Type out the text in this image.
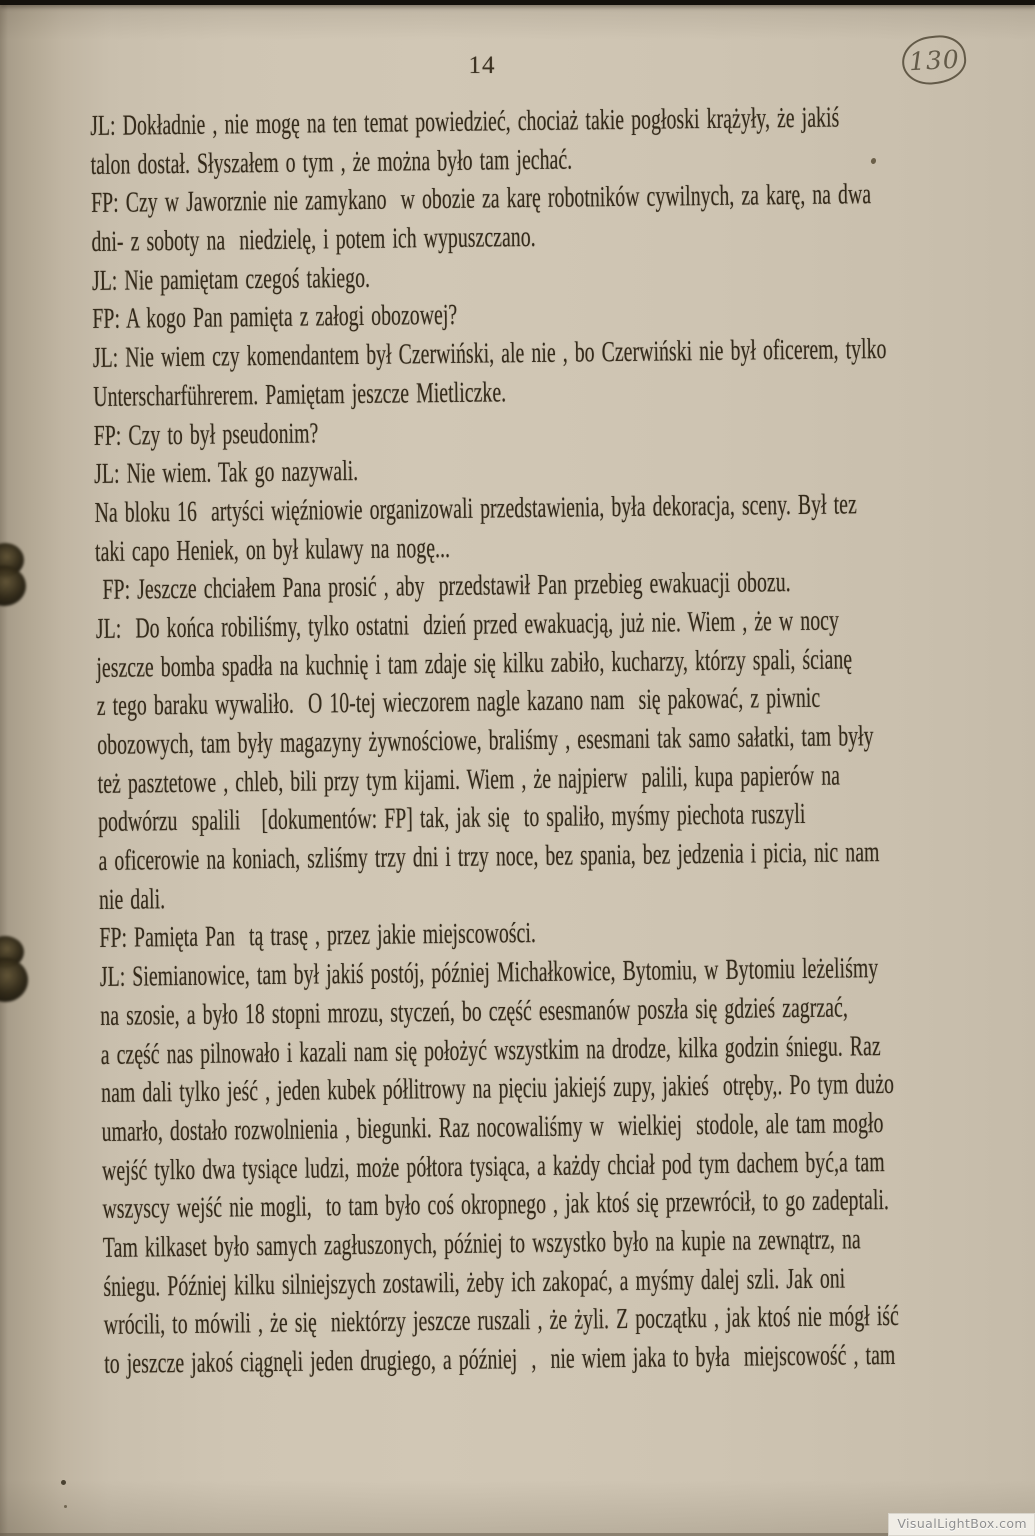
14	130
JL: Dokładnie , nie mogę na ten temat powiedzieć, chociaż takie pogłoski krążyły, że jakiś
talon dostał. Słyszałem o tym , że można było tam jechać.
FP: Czy w Jaworznie nie zamykano  w obozie za karę robotników cywilnych, za karę, na dwa
dni- z soboty na  niedzielę, i potem ich wypuszczano.
JL: Nie pamiętam czegoś takiego.
FP: A kogo Pan pamięta z załogi obozowej?
JL: Nie wiem czy komendantem był Czerwiński, ale nie , bo Czerwiński nie był oficerem, tylko
Unterscharführerem. Pamiętam jeszcze Mietliczke.
FP: Czy to był pseudonim?
JL: Nie wiem. Tak go nazywali.
Na bloku 16  artyści więźniowie organizowali przedstawienia, była dekoracja, sceny. Był tez
taki capo Heniek, on był kulawy na nogę...
FP: Jeszcze chciałem Pana prosić , aby  przedstawił Pan przebieg ewakuacji obozu.
JL:  Do końca robiliśmy, tylko ostatni  dzień przed ewakuacją, już nie. Wiem , że w nocy
jeszcze bomba spadła na kuchnię i tam zdaje się kilku zabiło, kucharzy, którzy spali, ścianę
z tego baraku wywaliło.  O 10-tej wieczorem nagle kazano nam  się pakować, z piwnic
obozowych, tam były magazyny żywnościowe, braliśmy , esesmani tak samo sałatki, tam były
też pasztetowe , chleb, bili przy tym kijami. Wiem , że najpierw  palili, kupa papierów na
podwórzu  spalili   [dokumentów: FP] tak, jak się  to spaliło, myśmy piechota ruszyli
a oficerowie na koniach, szliśmy trzy dni i trzy noce, bez spania, bez jedzenia i picia, nic nam
nie dali.
FP: Pamięta Pan  tą trasę , przez jakie miejscowości.
JL: Siemianowice, tam był jakiś postój, później Michałkowice, Bytomiu, w Bytomiu leżeliśmy
na szosie, a było 18 stopni mrozu, styczeń, bo część esesmanów poszła się gdzieś zagrzać,
a część nas pilnowało i kazali nam się położyć wszystkim na drodze, kilka godzin śniegu. Raz
nam dali tylko jeść , jeden kubek półlitrowy na pięciu jakiejś zupy, jakieś  otręby,. Po tym dużo
umarło, dostało rozwolnienia , biegunki. Raz nocowaliśmy w  wielkiej  stodole, ale tam mogło
wejść tylko dwa tysiące ludzi, może półtora tysiąca, a każdy chciał pod tym dachem być,a tam
wszyscy wejść nie mogli,  to tam było coś okropnego , jak ktoś się przewrócił, to go zadeptali.
Tam kilkaset było samych zagłuszonych, później to wszystko było na kupie na zewnątrz, na
śniegu. Później kilku silniejszych zostawili, żeby ich zakopać, a myśmy dalej szli. Jak oni
wrócili, to mówili , że się  niektórzy jeszcze ruszali , że żyli. Z początku , jak ktoś nie mógł iść
to jeszcze jakoś ciągnęli jeden drugiego, a później  ,  nie wiem jaka to była  miejscowość , tam
VisualLightBox.com
